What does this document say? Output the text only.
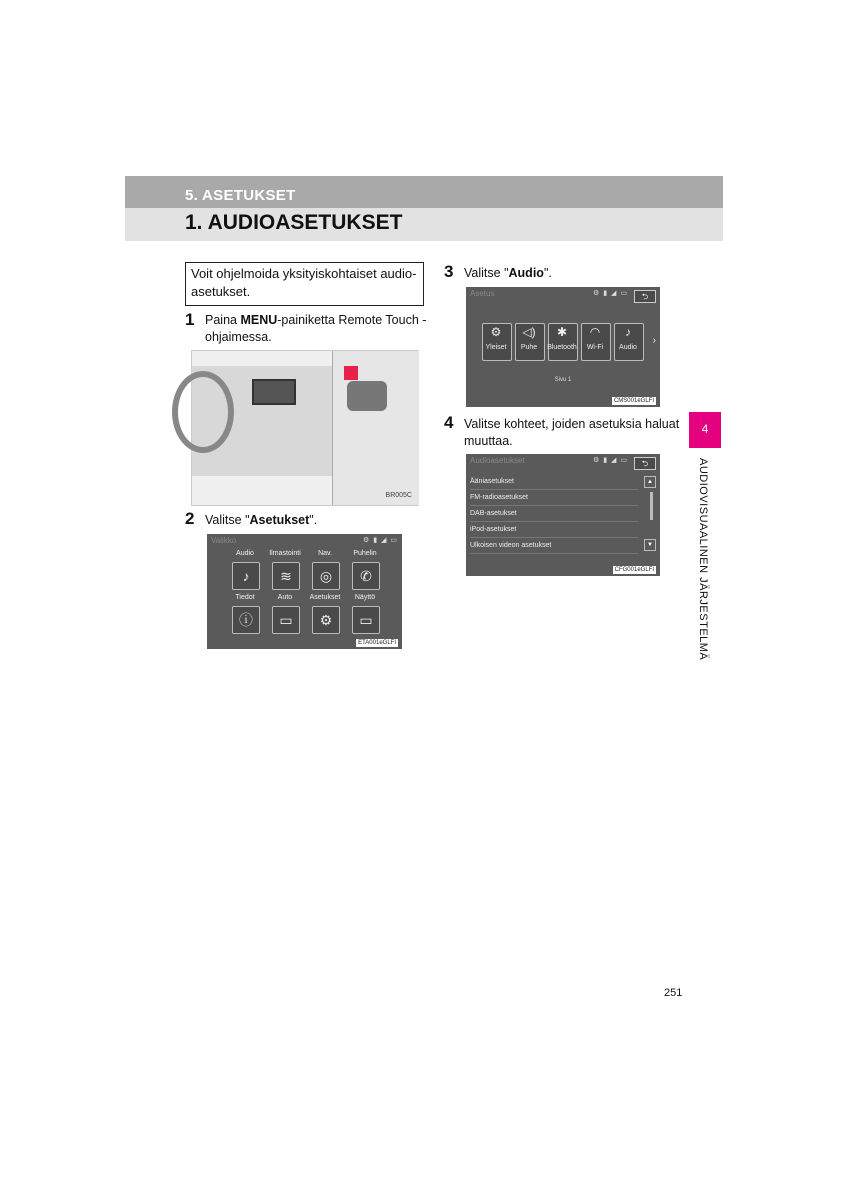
5. ASETUKSET
1. AUDIOASETUKSET
Voit ohjelmoida yksityiskohtaiset audio-asetukset.
1 Paina MENU-painiketta Remote Touch -ohjaimessa.
BR005C
2 Valitse "Asetukset".
Valikko	⚙ ▮ ◢ ▭
Audio	Ilmastointi	Nav.	Puhelin
♪	≋	◎	✆
Tiedot	Auto	Asetukset	Näyttö
ⓘ	▭	⚙	▭
ETA001eGLFI
3 Valitse "Audio".
Asetus	⚙ ▮ ◢ ▭	⮌
⚙	◁)	✱	◠	♪
Yleiset	Puhe	Bluetooth	Wi-Fi	Audio
›
Sivu 1
CMS001eGLFI
4 Valitse kohteet, joiden asetuksia haluat muuttaa.
Audioasetukset	⚙ ▮ ◢ ▭	⮌
Ääniasetukset
FM-radioasetukset
DAB-asetukset
iPod-asetukset
Ulkoisen videon asetukset
▲
▼
CFG001eGLFI
4
AUDIOVISUAALINEN JÄRJESTELMÄ
251
